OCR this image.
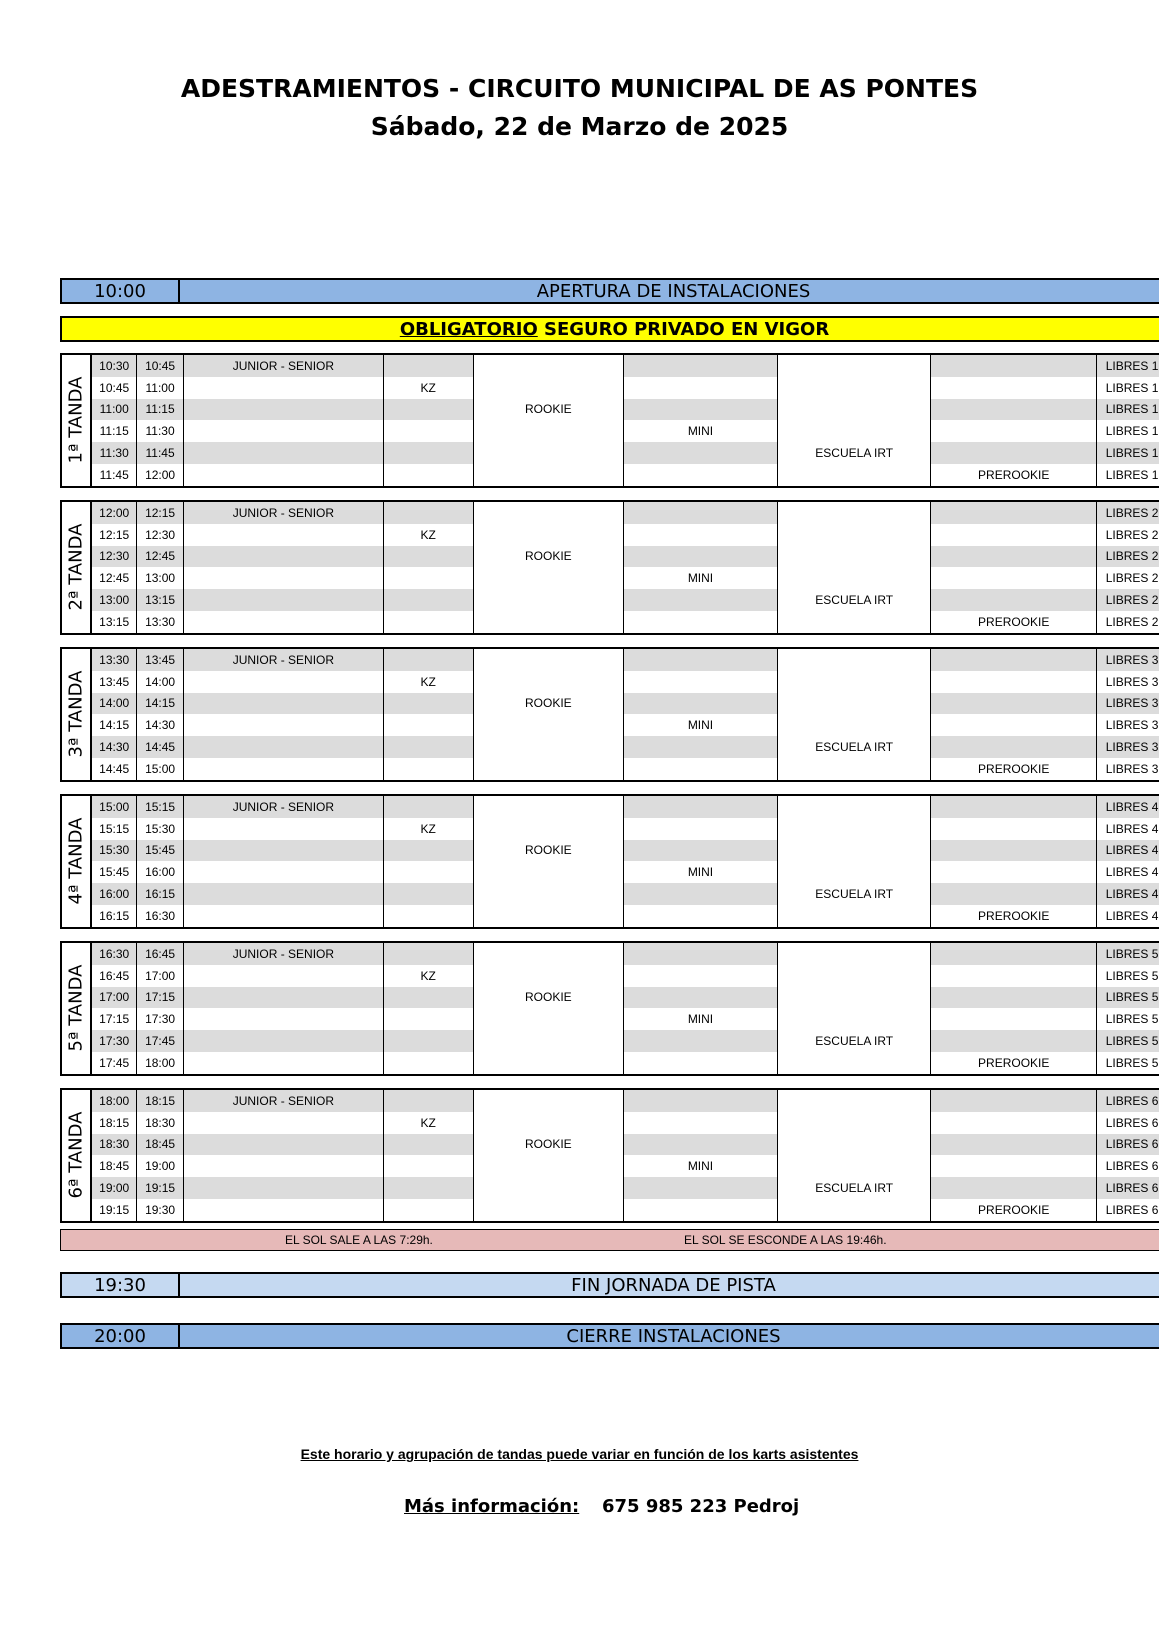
ADESTRAMIENTOS - CIRCUITO MUNICIPAL DE AS PONTES
Sábado, 22 de Marzo de 2025
10:00	APERTURA DE INSTALACIONES
OBLIGATORIO SEGURO PRIVADO EN VIGOR
1ª TANDA	10:30	10:45	JUNIOR - SENIOR						LIBRES 1
	10:45	11:00		KZ					LIBRES 1
	11:00	11:15			ROOKIE				LIBRES 1
	11:15	11:30				MINI			LIBRES 1
	11:30	11:45					ESCUELA IRT		LIBRES 1
	11:45	12:00						PREROOKIE	LIBRES 1
2ª TANDA	12:00	12:15	JUNIOR - SENIOR						LIBRES 2
	12:15	12:30		KZ					LIBRES 2
	12:30	12:45			ROOKIE				LIBRES 2
	12:45	13:00				MINI			LIBRES 2
	13:00	13:15					ESCUELA IRT		LIBRES 2
	13:15	13:30						PREROOKIE	LIBRES 2
3ª TANDA	13:30	13:45	JUNIOR - SENIOR						LIBRES 3
	13:45	14:00		KZ					LIBRES 3
	14:00	14:15			ROOKIE				LIBRES 3
	14:15	14:30				MINI			LIBRES 3
	14:30	14:45					ESCUELA IRT		LIBRES 3
	14:45	15:00						PREROOKIE	LIBRES 3
4ª TANDA	15:00	15:15	JUNIOR - SENIOR						LIBRES 4
	15:15	15:30		KZ					LIBRES 4
	15:30	15:45			ROOKIE				LIBRES 4
	15:45	16:00				MINI			LIBRES 4
	16:00	16:15					ESCUELA IRT		LIBRES 4
	16:15	16:30						PREROOKIE	LIBRES 4
5ª TANDA	16:30	16:45	JUNIOR - SENIOR						LIBRES 5
	16:45	17:00		KZ					LIBRES 5
	17:00	17:15			ROOKIE				LIBRES 5
	17:15	17:30				MINI			LIBRES 5
	17:30	17:45					ESCUELA IRT		LIBRES 5
	17:45	18:00						PREROOKIE	LIBRES 5
6ª TANDA	18:00	18:15	JUNIOR - SENIOR						LIBRES 6
	18:15	18:30		KZ					LIBRES 6
	18:30	18:45			ROOKIE				LIBRES 6
	18:45	19:00				MINI			LIBRES 6
	19:00	19:15					ESCUELA IRT		LIBRES 6
	19:15	19:30						PREROOKIE	LIBRES 6
EL SOL SALE A LAS 7:29h.	EL SOL SE ESCONDE A LAS 19:46h.
19:30	FIN JORNADA DE PISTA
20:00	CIERRE INSTALACIONES
Este horario y agrupación de tandas puede variar en función de los karts asistentes
Más información: 675 985 223 Pedroj
